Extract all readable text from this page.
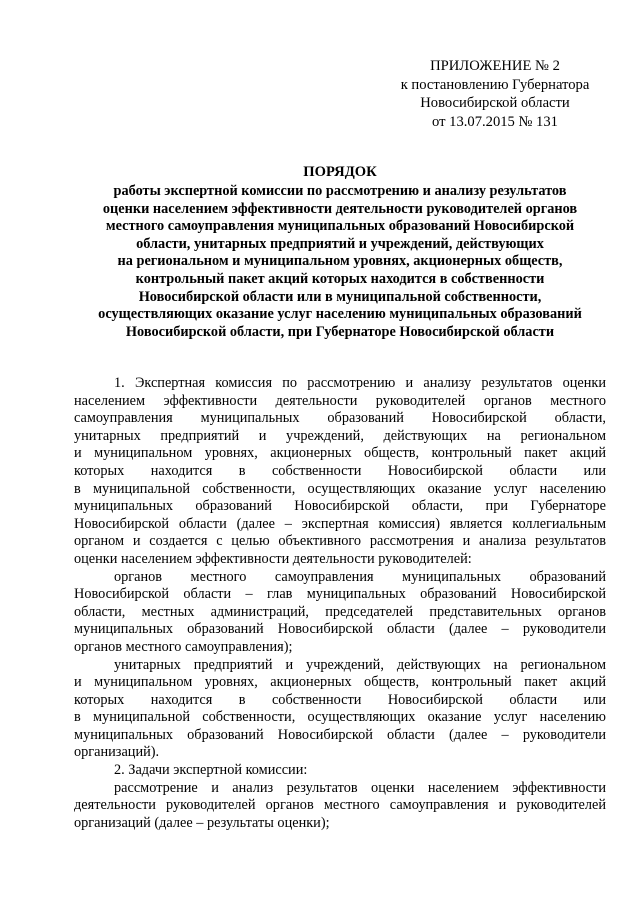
ПРИЛОЖЕНИЕ № 2
к постановлению Губернатора
Новосибирской области
от 13.07.2015 № 131
ПОРЯДОК
работы экспертной комиссии по рассмотрению и анализу результатов
оценки населением эффективности деятельности руководителей органов
местного самоуправления муниципальных образований Новосибирской
области, унитарных предприятий и учреждений, действующих
на региональном и муниципальном уровнях, акционерных обществ,
контрольный пакет акций которых находится в собственности
Новосибирской области или в муниципальной собственности,
осуществляющих оказание услуг населению муниципальных образований
Новосибирской области, при Губернаторе Новосибирской области
1. Экспертная комиссия по рассмотрению и анализу результатов оценки
населением эффективности деятельности руководителей органов местного
самоуправления муниципальных образований Новосибирской области,
унитарных предприятий и учреждений, действующих на региональном
и муниципальном уровнях, акционерных обществ, контрольный пакет акций
которых находится в собственности Новосибирской области или
в муниципальной собственности, осуществляющих оказание услуг населению
муниципальных образований Новосибирской области, при Губернаторе
Новосибирской области (далее – экспертная комиссия) является коллегиальным
органом и создается с целью объективного рассмотрения и анализа результатов
оценки населением эффективности деятельности руководителей:
органов местного самоуправления муниципальных образований
Новосибирской области – глав муниципальных образований Новосибирской
области, местных администраций, председателей представительных органов
муниципальных образований Новосибирской области (далее – руководители
органов местного самоуправления);
унитарных предприятий и учреждений, действующих на региональном
и муниципальном уровнях, акционерных обществ, контрольный пакет акций
которых находится в собственности Новосибирской области или
в муниципальной собственности, осуществляющих оказание услуг населению
муниципальных образований Новосибирской области (далее – руководители
организаций).
2. Задачи экспертной комиссии:
рассмотрение и анализ результатов оценки населением эффективности
деятельности руководителей органов местного самоуправления и руководителей
организаций (далее – результаты оценки);
